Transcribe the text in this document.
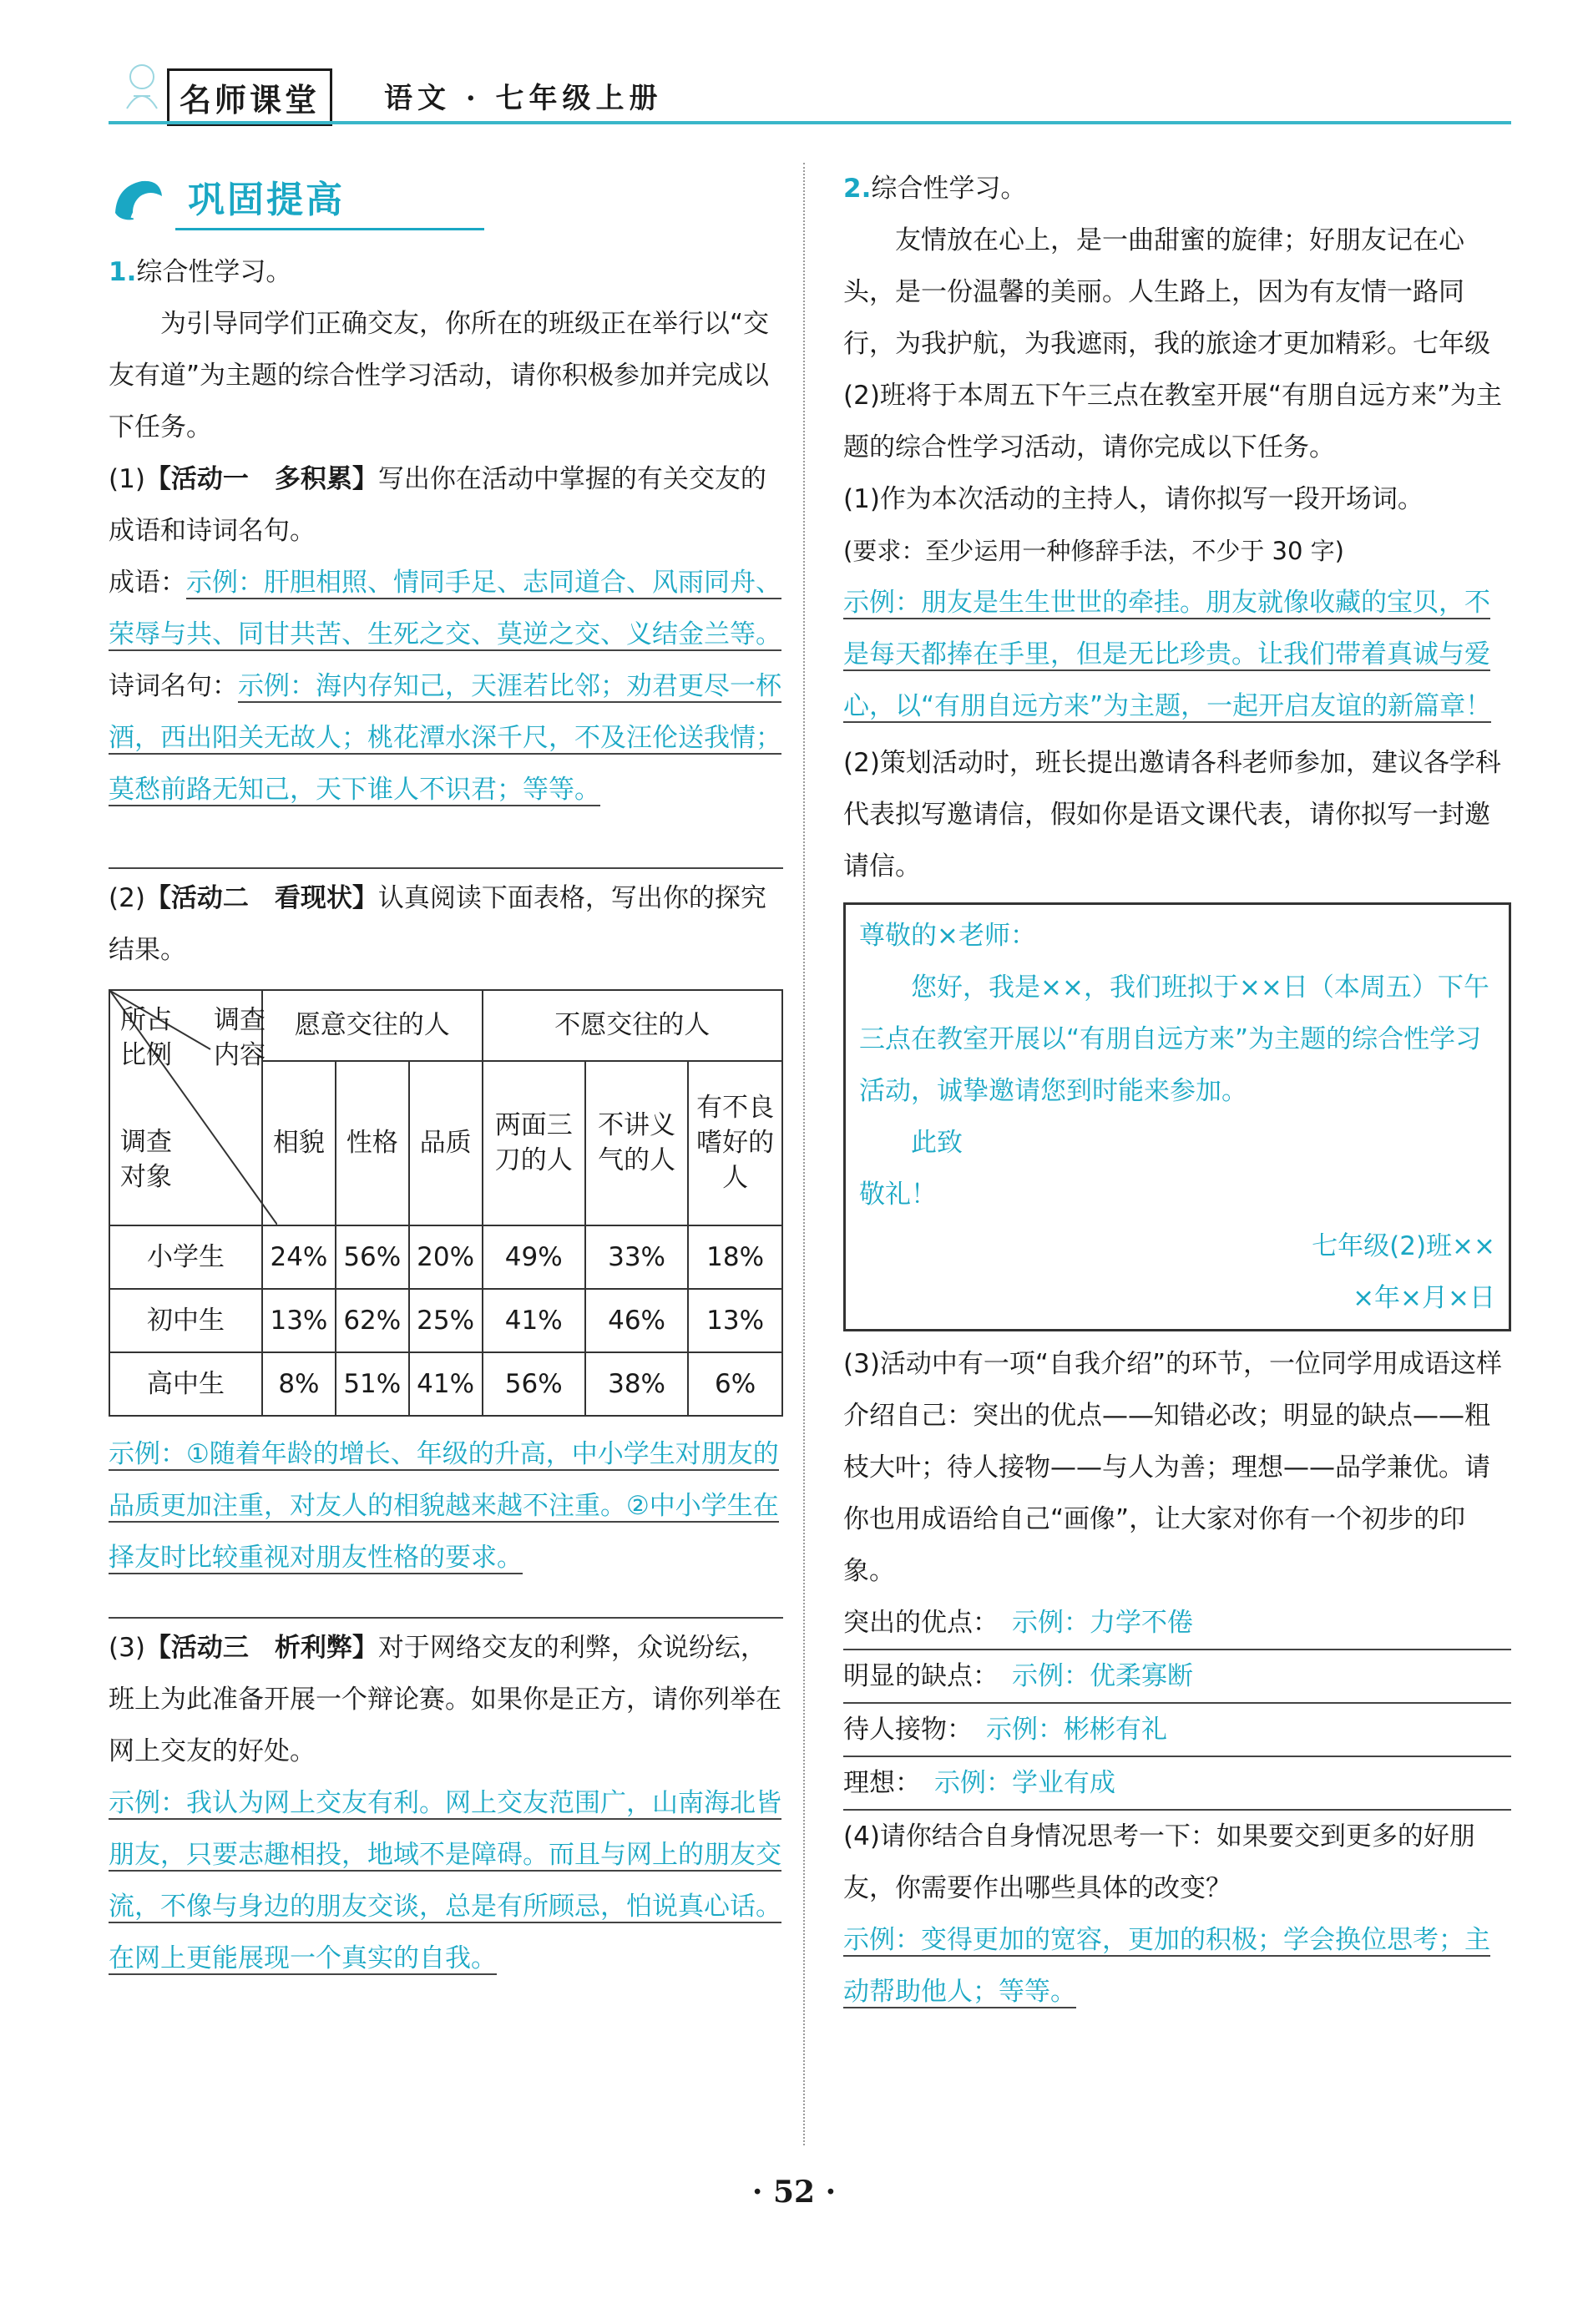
名师课堂	语文 · 七年级上册
巩固提高

1.综合性学习。

为引导同学们正确交友，你所在的班级正在举行以“交友有道”为主题的综合性学习活动，请你积极参加并完成以下任务。

(1)【活动一　多积累】写出你在活动中掌握的有关交友的成语和诗词名句。

成语：示例：肝胆相照、情同手足、志同道合、风雨同舟、荣辱与共、同甘共苦、生死之交、莫逆之交、义结金兰等。

诗词名句：示例：海内存知己，天涯若比邻；劝君更尽一杯酒，西出阳关无故人；桃花潭水深千尺，不及汪伦送我情；莫愁前路无知己，天下谁人不识君；等等。

(2)【活动二　看现状】认真阅读下面表格，写出你的探究结果。

调查内容
所占比例
调查对象	愿意交往的人			不愿交往的人		
	相貌	性格	品质	两面三刀的人	不讲义气的人	有不良嗜好的人
小学生	24%	56%	20%	49%	33%	18%
初中生	13%	62%	25%	41%	46%	13%
高中生	8%	51%	41%	56%	38%	6%

示例：①随着年龄的增长、年级的升高，中小学生对朋友的品质更加注重，对友人的相貌越来越不注重。②中小学生在择友时比较重视对朋友性格的要求。

(3)【活动三　析利弊】对于网络交友的利弊，众说纷纭，班上为此准备开展一个辩论赛。如果你是正方，请你列举在网上交友的好处。

示例：我认为网上交友有利。网上交友范围广，山南海北皆朋友，只要志趣相投，地域不是障碍。而且与网上的朋友交流，不像与身边的朋友交谈，总是有所顾忌，怕说真心话。在网上更能展现一个真实的自我。

2.综合性学习。

友情放在心上，是一曲甜蜜的旋律；好朋友记在心头，是一份温馨的美丽。人生路上，因为有友情一路同行，为我护航，为我遮雨，我的旅途才更加精彩。七年级(2)班将于本周五下午三点在教室开展“有朋自远方来”为主题的综合性学习活动，请你完成以下任务。

(1)作为本次活动的主持人，请你拟写一段开场词。

(要求：至少运用一种修辞手法，不少于 30 字)

示例：朋友是生生世世的牵挂。朋友就像收藏的宝贝，不是每天都捧在手里，但是无比珍贵。让我们带着真诚与爱心，以“有朋自远方来”为主题，一起开启友谊的新篇章！

(2)策划活动时，班长提出邀请各科老师参加，建议各学科代表拟写邀请信，假如你是语文课代表，请你拟写一封邀请信。

尊敬的×老师：
您好，我是××，我们班拟于××日（本周五）下午三点在教室开展以“有朋自远方来”为主题的综合性学习活动，诚挚邀请您到时能来参加。
此致
敬礼！
七年级(2)班××
×年×月×日

(3)活动中有一项“自我介绍”的环节，一位同学用成语这样介绍自己：突出的优点——知错必改；明显的缺点——粗枝大叶；待人接物——与人为善；理想——品学兼优。请你也用成语给自己“画像”，让大家对你有一个初步的印象。

突出的优点： 示例：力学不倦
明显的缺点： 示例：优柔寡断
待人接物： 示例：彬彬有礼
理想： 示例：学业有成

(4)请你结合自身情况思考一下：如果要交到更多的好朋友，你需要作出哪些具体的改变？

示例：变得更加的宽容，更加的积极；学会换位思考；主动帮助他人；等等。

· 52 ·
